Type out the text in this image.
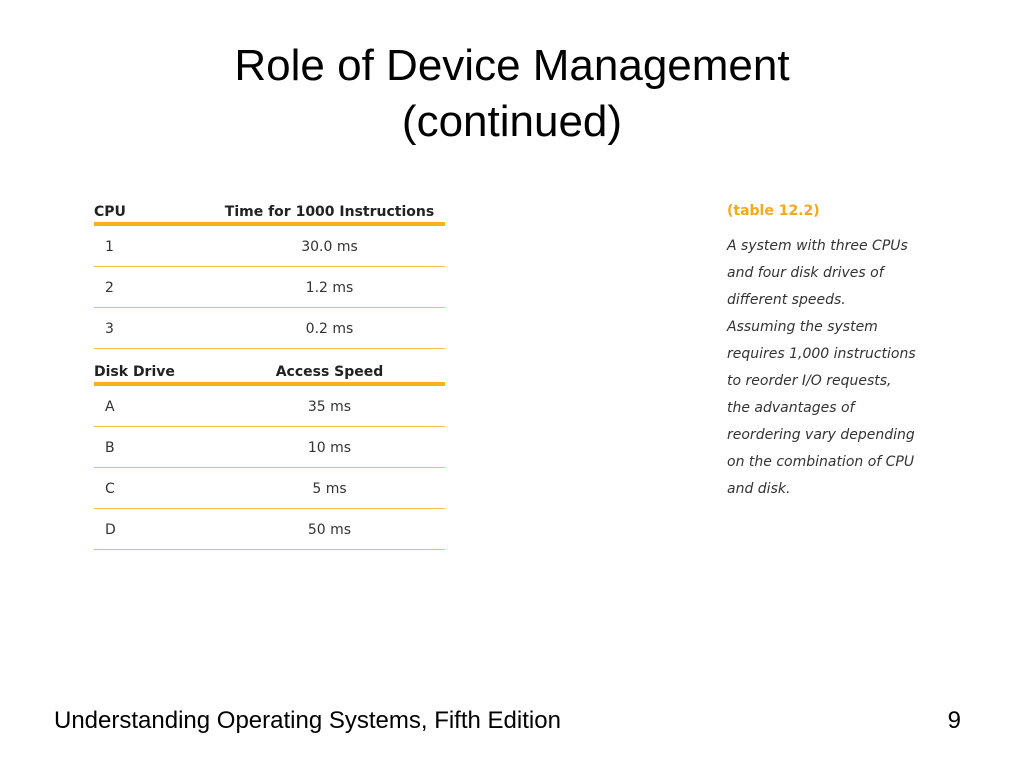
Role of Device Management
(continued)
CPU	Time for 1000 Instructions
1	30.0 ms
2	1.2 ms
3	0.2 ms
Disk Drive	Access Speed
A	35 ms
B	10 ms
C	5 ms
D	50 ms
(table 12.2)
A system with three CPUs
and four disk drives of
different speeds.
Assuming the system
requires 1,000 instructions
to reorder I/O requests,
the advantages of
reordering vary depending
on the combination of CPU
and disk.
Understanding Operating Systems, Fifth Edition	9
